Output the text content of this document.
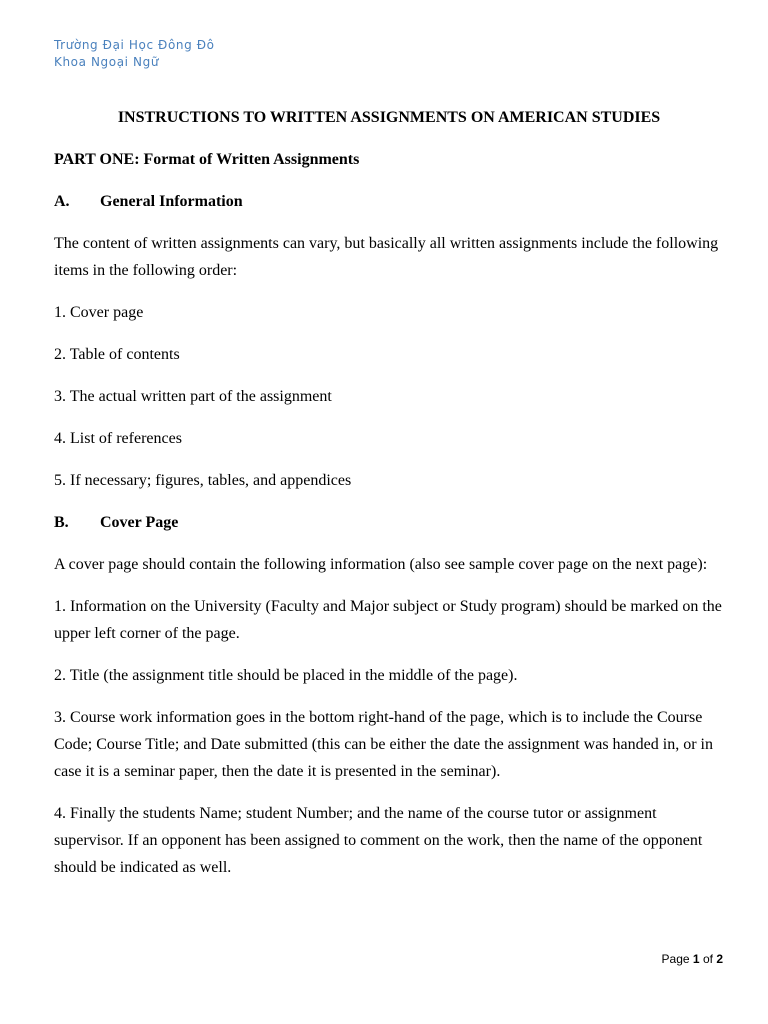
Trường Đại Học Đông Đô
Khoa Ngoại Ngữ
INSTRUCTIONS TO WRITTEN ASSIGNMENTS ON AMERICAN STUDIES
PART ONE: Format of Written Assignments
A.	General Information
The content of written assignments can vary, but basically all written assignments include the following items in the following order:
1. Cover page
2. Table of contents
3. The actual written part of the assignment
4. List of references
5. If necessary; figures, tables, and appendices
B.	Cover Page
A cover page should contain the following information (also see sample cover page on the next page):
1. Information on the University (Faculty and Major subject or Study program) should be marked on the upper left corner of the page.
2. Title (the assignment title should be placed in the middle of the page).
3. Course work information goes in the bottom right-hand of the page, which is to include the Course Code; Course Title; and Date submitted (this can be either the date the assignment was handed in, or in case it is a seminar paper, then the date it is presented in the seminar).
4. Finally the students Name; student Number; and the name of the course tutor or assignment supervisor. If an opponent has been assigned to comment on the work, then the name of the opponent should be indicated as well.
Page 1 of 2
